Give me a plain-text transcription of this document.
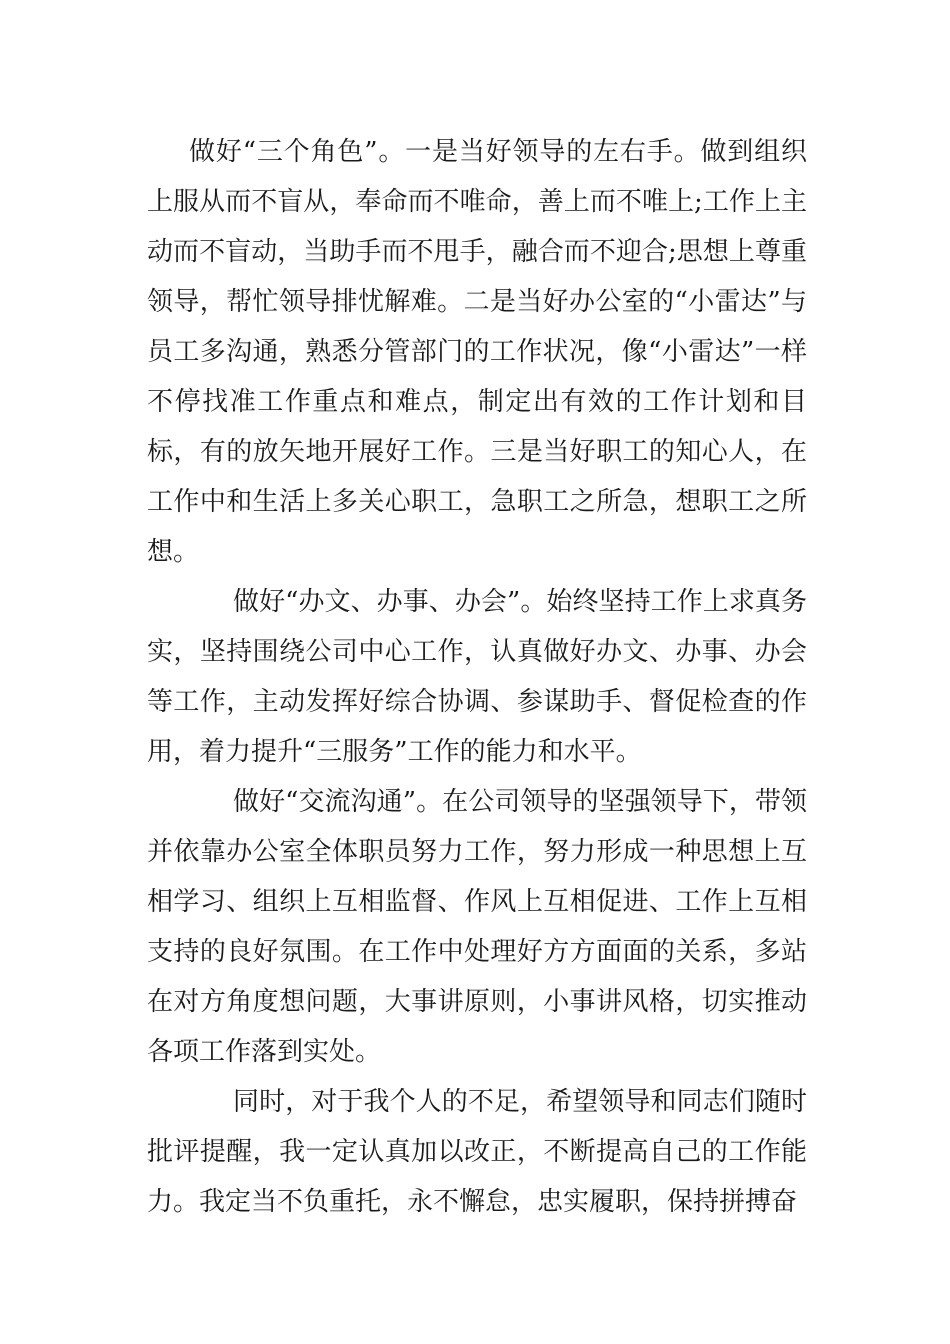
做好“三个角色”。一是当好领导的左右手。做到组织上服从而不盲从，奉命而不唯命，善上而不唯上;工作上主动而不盲动，当助手而不甩手，融合而不迎合;思想上尊重领导，帮忙领导排忧解难。二是当好办公室的“小雷达”与员工多沟通，熟悉分管部门的工作状况，像“小雷达”一样不停找准工作重点和难点，制定出有效的工作计划和目标，有的放矢地开展好工作。三是当好职工的知心人，在工作中和生活上多关心职工，急职工之所急，想职工之所想。

做好“办文、办事、办会”。始终坚持工作上求真务实，坚持围绕公司中心工作，认真做好办文、办事、办会等工作，主动发挥好综合协调、参谋助手、督促检查的作用，着力提升“三服务”工作的能力和水平。

做好“交流沟通”。在公司领导的坚强领导下，带领并依靠办公室全体职员努力工作，努力形成一种思想上互相学习、组织上互相监督、作风上互相促进、工作上互相支持的良好氛围。在工作中处理好方方面面的关系，多站在对方角度想问题，大事讲原则，小事讲风格，切实推动各项工作落到实处。

同时，对于我个人的不足，希望领导和同志们随时批评提醒，我一定认真加以改正，不断提高自己的工作能力。我定当不负重托，永不懈怠，忠实履职，保持拼搏奋
